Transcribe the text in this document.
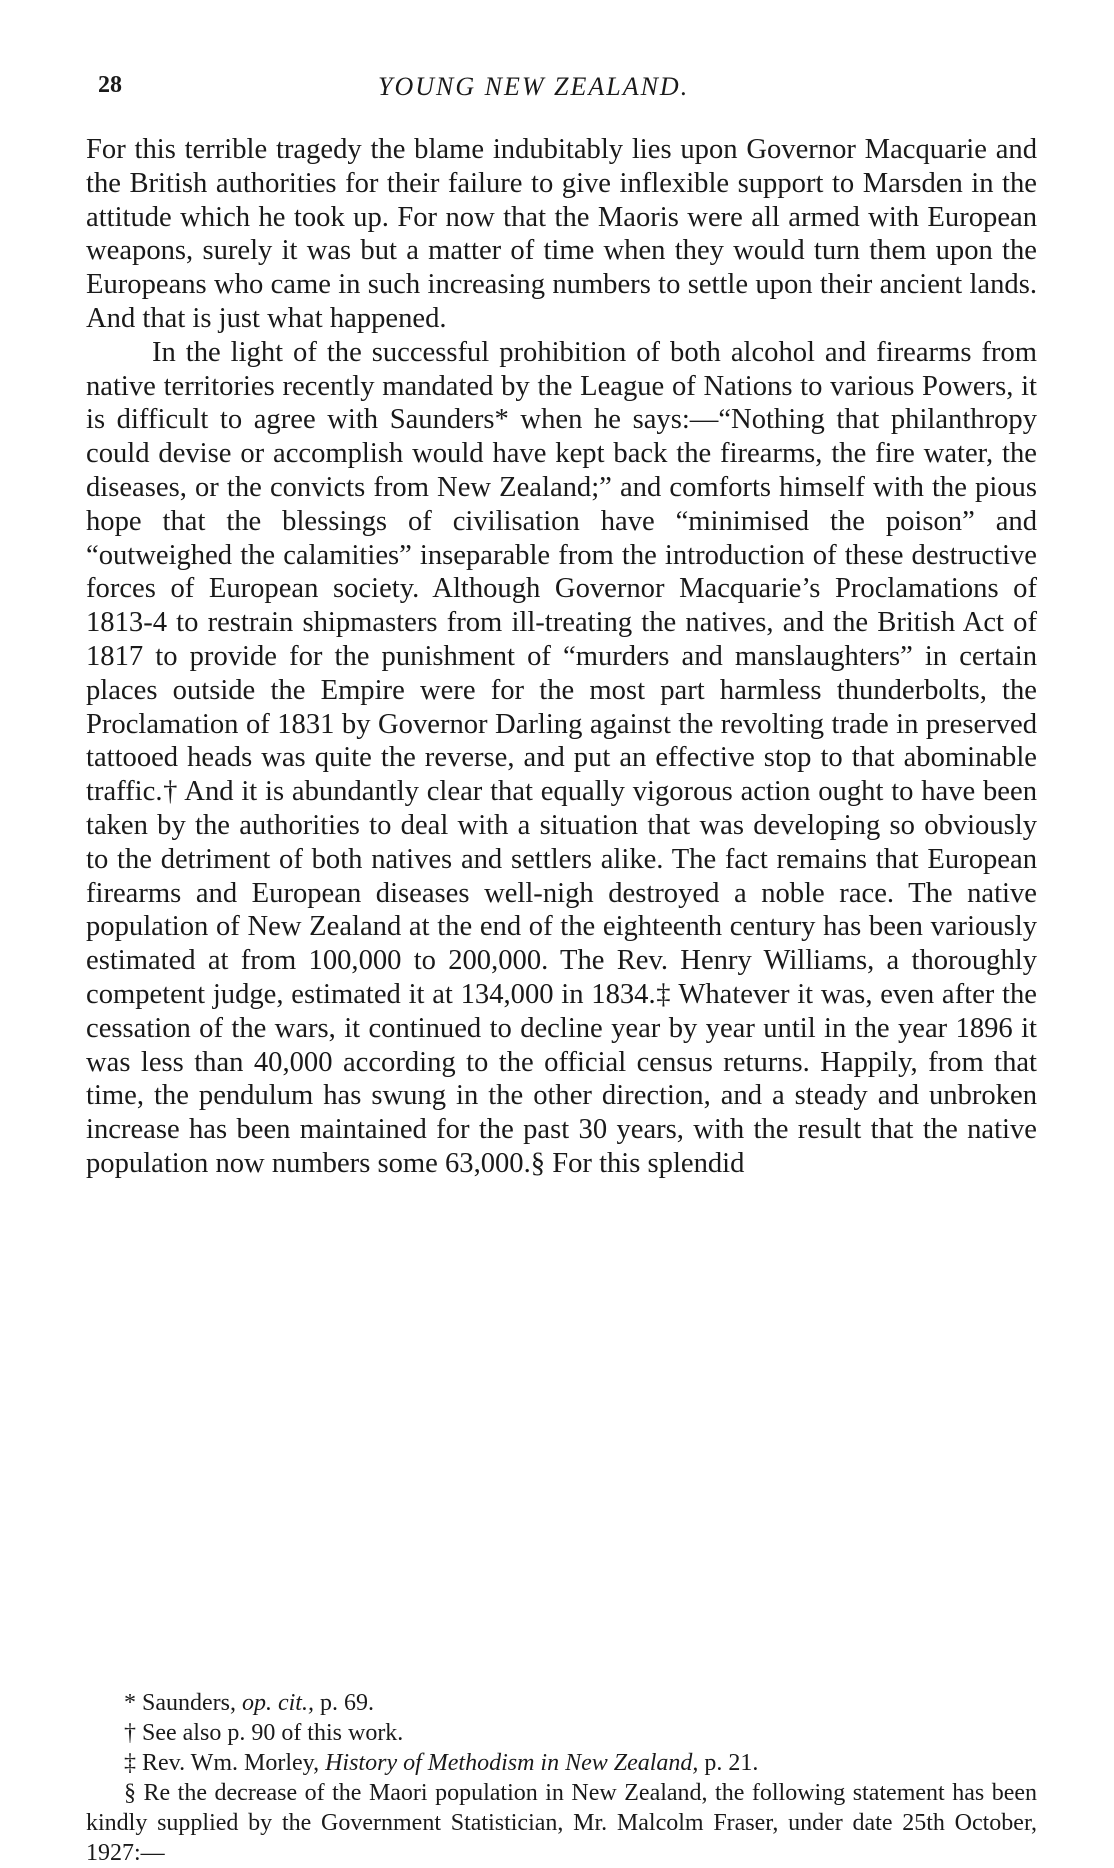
28	YOUNG NEW ZEALAND.

For this terrible tragedy the blame indubitably lies upon Governor Macquarie and the British authorities for their failure to give inflexible support to Marsden in the attitude which he took up. For now that the Maoris were all armed with European weapons, surely it was but a matter of time when they would turn them upon the Europeans who came in such increasing numbers to settle upon their ancient lands. And that is just what happened.

In the light of the successful prohibition of both alcohol and firearms from native territories recently mandated by the League of Nations to various Powers, it is difficult to agree with Saunders* when he says:—“Nothing that philanthropy could devise or accomplish would have kept back the firearms, the fire water, the diseases, or the convicts from New Zealand;” and comforts himself with the pious hope that the blessings of civilisation have “minimised the poison” and “outweighed the calamities” inseparable from the introduction of these destructive forces of European society. Although Governor Macquarie’s Proclamations of 1813-4 to restrain shipmasters from ill-treating the natives, and the British Act of 1817 to provide for the punishment of “murders and manslaughters” in certain places outside the Empire were for the most part harmless thunderbolts, the Proclamation of 1831 by Governor Darling against the revolting trade in preserved tattooed heads was quite the reverse, and put an effective stop to that abominable traffic.† And it is abundantly clear that equally vigorous action ought to have been taken by the authorities to deal with a situation that was developing so obviously to the detriment of both natives and settlers alike. The fact remains that European firearms and European diseases well-nigh destroyed a noble race. The native population of New Zealand at the end of the eighteenth century has been variously estimated at from 100,000 to 200,000. The Rev. Henry Williams, a thoroughly competent judge, estimated it at 134,000 in 1834.‡ Whatever it was, even after the cessation of the wars, it continued to decline year by year until in the year 1896 it was less than 40,000 according to the official census returns. Happily, from that time, the pendulum has swung in the other direction, and a steady and unbroken increase has been maintained for the past 30 years, with the result that the native population now numbers some 63,000.§ For this splendid

* Saunders, op. cit., p. 69.

† See also p. 90 of this work.

‡ Rev. Wm. Morley, History of Methodism in New Zealand, p. 21.

§ Re the decrease of the Maori population in New Zealand, the following statement has been kindly supplied by the Government Statistician, Mr. Malcolm Fraser, under date 25th October, 1927:—
